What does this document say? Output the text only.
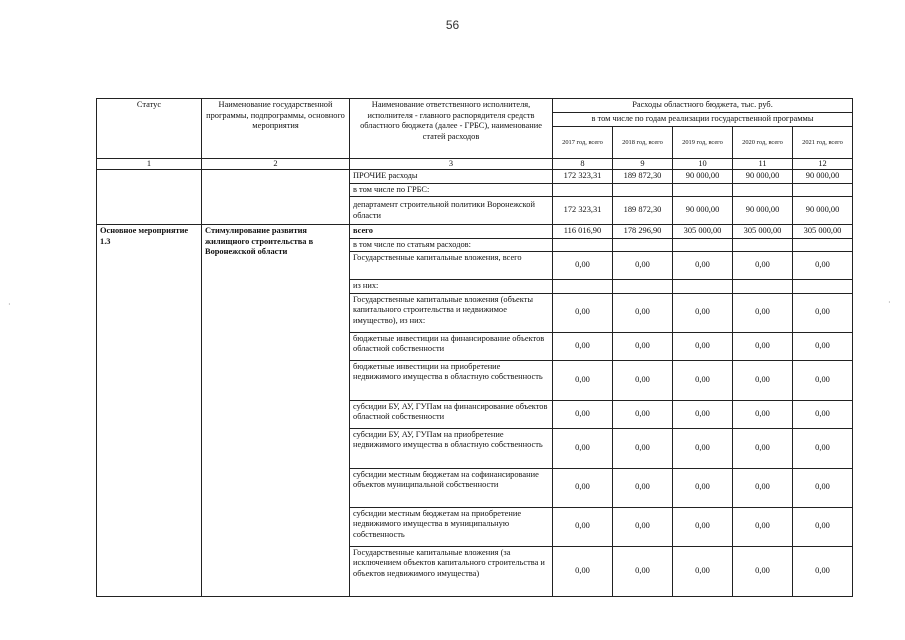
56
·	·
Статус	Наименование государственной программы, подпрограммы, основного мероприятия	Наименование ответственного исполнителя, исполнителя - главного распорядителя средств областного бюджета (далее - ГРБС), наименование статей расходов	Расходы областного бюджета, тыс. руб.				
			в том числе по годам реализации государственной программы				
			2017 год, всего	2018 год, всего	2019 год, всего	2020 год, всего	2021 год, всего
1	2	3	8	9	10	11	12
		ПРОЧИЕ расходы	172 323,31	189 872,30	90 000,00	90 000,00	90 000,00
		в том числе по ГРБС:					
		департамент строительной политики Воронежской области	172 323,31	189 872,30	90 000,00	90 000,00	90 000,00
Основное мероприятие 1.3	Стимулирование развития жилищного строительства в Воронежской области	всего	116 016,90	178 296,90	305 000,00	305 000,00	305 000,00
		в том числе по статьям расходов:					
		Государственные капитальные вложения, всего	0,00	0,00	0,00	0,00	0,00
		из них:					
		Государственные капитальные вложения (объекты капитального строительства и недвижимое имущество), из них:	0,00	0,00	0,00	0,00	0,00
		бюджетные инвестиции на финансирование объектов областной собственности	0,00	0,00	0,00	0,00	0,00
		бюджетные инвестиции на приобретение недвижимого имущества в областную собственность	0,00	0,00	0,00	0,00	0,00
		субсидии БУ, АУ, ГУПам на финансирование объектов областной собственности	0,00	0,00	0,00	0,00	0,00
		субсидии БУ, АУ, ГУПам на приобретение недвижимого имущества в областную собственность	0,00	0,00	0,00	0,00	0,00
		субсидии местным бюджетам на софинансирование объектов муниципальной собственности	0,00	0,00	0,00	0,00	0,00
		субсидии местным бюджетам на приобретение недвижимого имущества в муниципальную собственность	0,00	0,00	0,00	0,00	0,00
		Государственные капитальные вложения (за исключением объектов капитального строительства и объектов недвижимого имущества)	0,00	0,00	0,00	0,00	0,00
